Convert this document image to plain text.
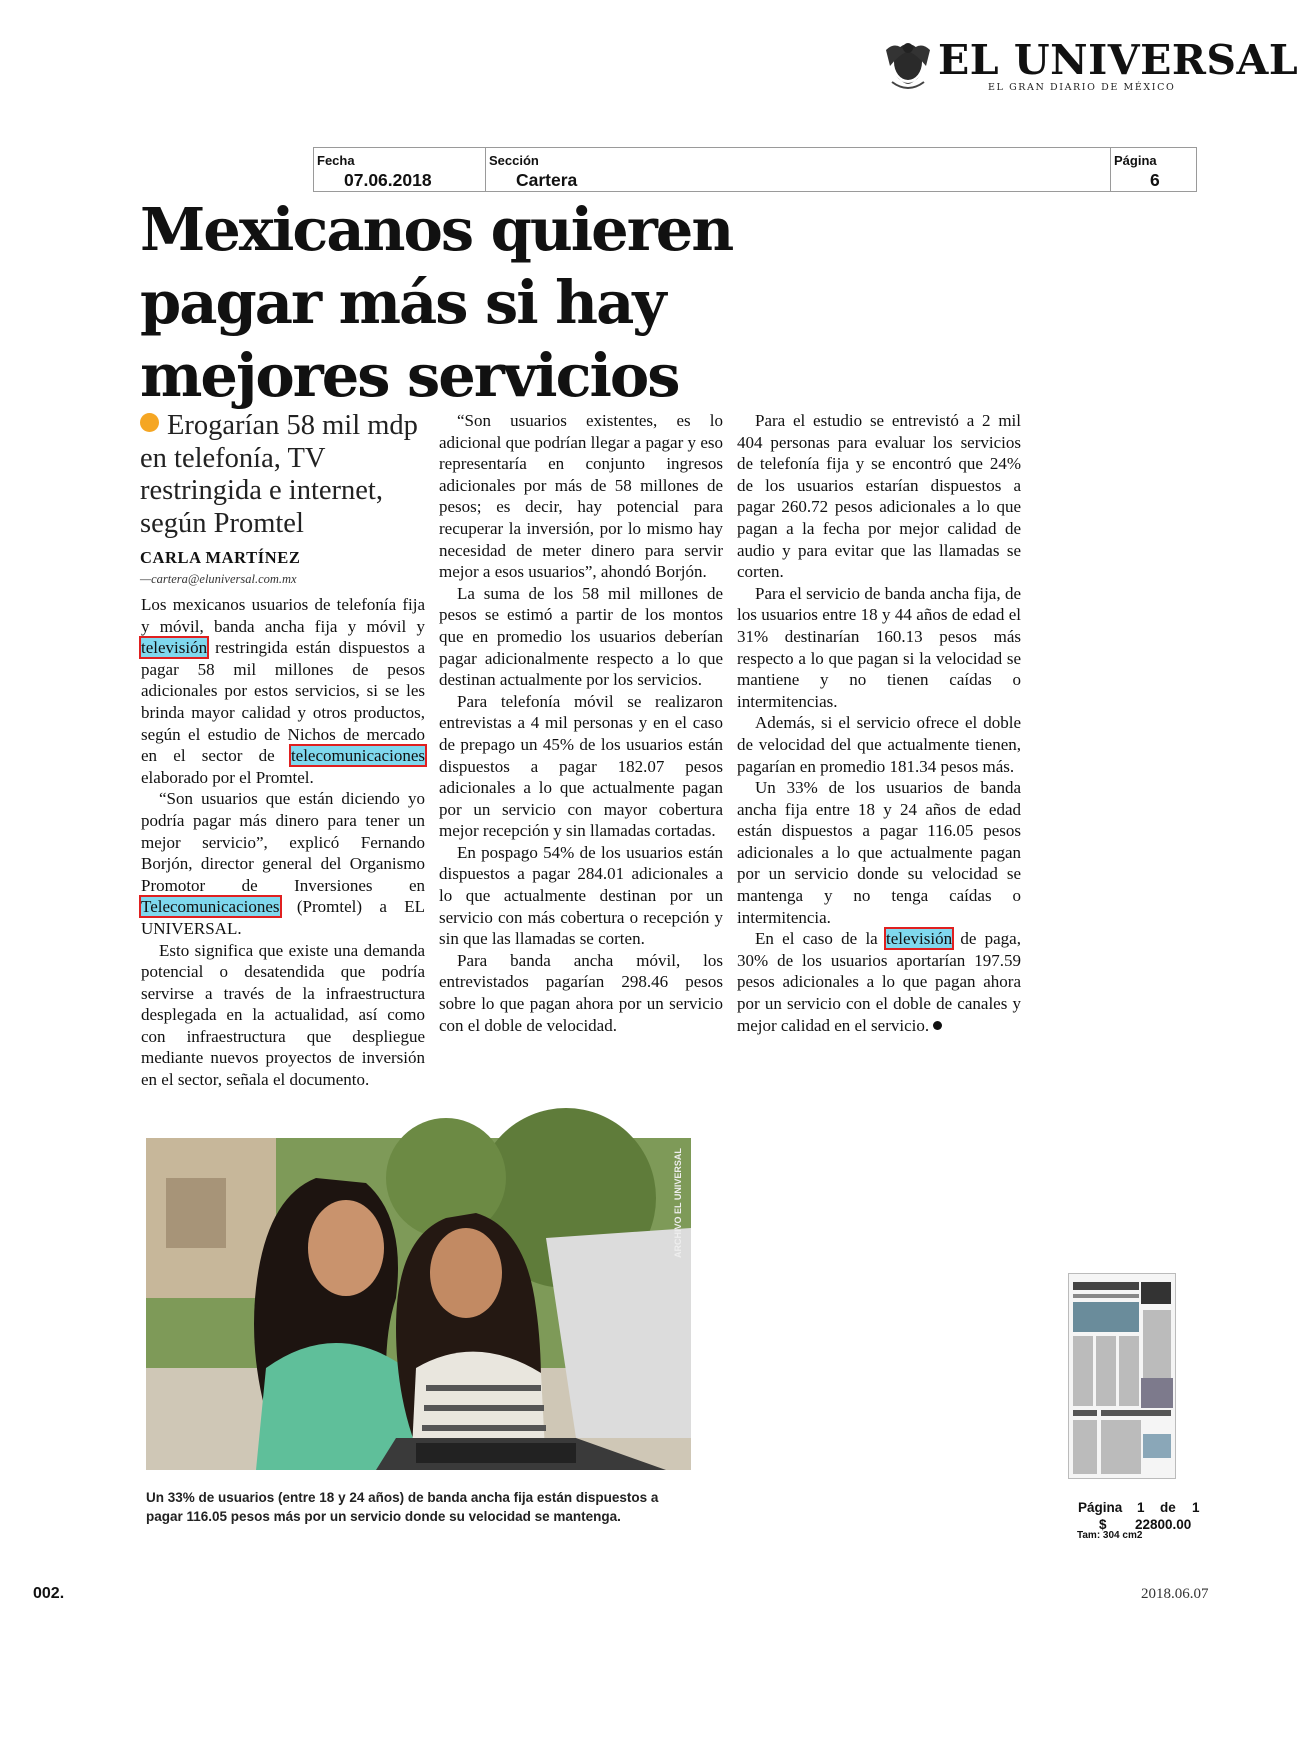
EL UNIVERSAL
EL GRAN DIARIO DE MÉXICO
Fecha
07.06.2018
Sección
Cartera
Página
6
Mexicanos quieren pagar más si hay mejores servicios
Erogarían 58 mil mdp en telefonía, TV restringida e internet, según Promtel
CARLA MARTÍNEZ
—cartera@eluniversal.com.mx

Los mexicanos usuarios de telefonía fija y móvil, banda ancha fija y móvil y televisión restringida están dispuestos a pagar 58 mil millones de pesos adicionales por estos servicios, si se les brinda mayor calidad y otros productos, según el estudio de Nichos de mercado en el sector de telecomunicaciones elaborado por el Promtel.

“Son usuarios que están diciendo yo podría pagar más dinero para tener un mejor servicio”, explicó Fernando Borjón, director general del Organismo Promotor de Inversiones en Telecomunicaciones (Promtel) a EL UNIVERSAL.

Esto significa que existe una demanda potencial o desatendida que podría servirse a través de la infraestructura desplegada en la actualidad, así como con infraestructura que despliegue mediante nuevos proyectos de inversión en el sector, señala el documento.

“Son usuarios existentes, es lo adicional que podrían llegar a pagar y eso representaría en conjunto ingresos adicionales por más de 58 millones de pesos; es decir, hay potencial para recuperar la inversión, por lo mismo hay necesidad de meter dinero para servir mejor a esos usuarios”, ahondó Borjón.

La suma de los 58 mil millones de pesos se estimó a partir de los montos que en promedio los usuarios deberían pagar adicionalmente respecto a lo que destinan actualmente por los servicios.

Para telefonía móvil se realizaron entrevistas a 4 mil personas y en el caso de prepago un 45% de los usuarios están dispuestos a pagar 182.07 pesos adicionales a lo que actualmente pagan por un servicio con mayor cobertura mejor recepción y sin llamadas cortadas.

En pospago 54% de los usuarios están dispuestos a pagar 284.01 adicionales a lo que actualmente destinan por un servicio con más cobertura o recepción y sin que las llamadas se corten.

Para banda ancha móvil, los entrevistados pagarían 298.46 pesos sobre lo que pagan ahora por un servicio con el doble de velocidad.

Para el estudio se entrevistó a 2 mil 404 personas para evaluar los servicios de telefonía fija y se encontró que 24% de los usuarios estarían dispuestos a pagar 260.72 pesos adicionales a lo que pagan a la fecha por mejor calidad de audio y para evitar que las llamadas se corten.

Para el servicio de banda ancha fija, de los usuarios entre 18 y 44 años de edad el 31% destinarían 160.13 pesos más respecto a lo que pagan si la velocidad se mantiene y no tienen caídas o intermitencias.

Además, si el servicio ofrece el doble de velocidad del que actualmente tienen, pagarían en promedio 181.34 pesos más.

Un 33% de los usuarios de banda ancha fija entre 18 y 24 años de edad están dispuestos a pagar 116.05 pesos adicionales a lo que actualmente pagan por un servicio donde su velocidad se mantenga y no tenga caídas o intermitencia.

En el caso de la televisión de paga, 30% de los usuarios aportarían 197.59 pesos adicionales a lo que pagan ahora por un servicio con el doble de canales y mejor calidad en el servicio.

ARCHIVO EL UNIVERSAL
Un 33% de usuarios (entre 18 y 24 años) de banda ancha fija están dispuestos a pagar 116.05 pesos más por un servicio donde su velocidad se mantenga.
Página 1 de 1
$ 22800.00
Tam: 304 cm2
002.	2018.06.07
